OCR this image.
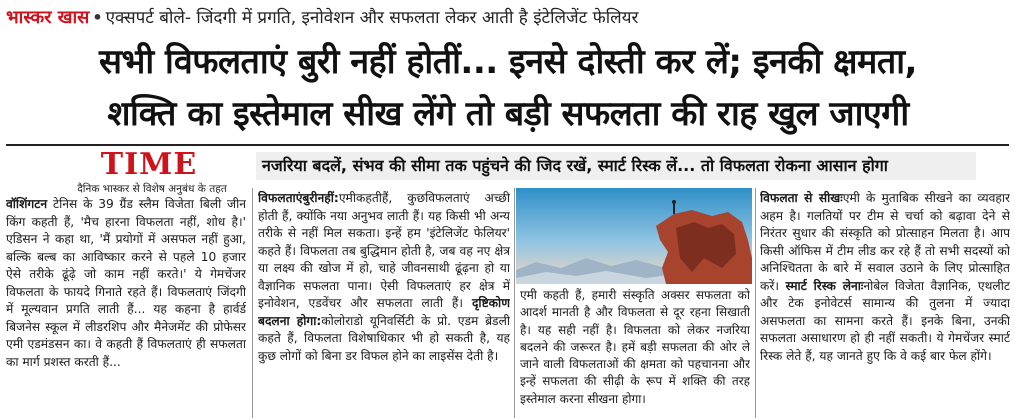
भास्कर खास • एक्सपर्ट बोले- जिंदगी में प्रगति, इनोवेशन और सफलता लेकर आती है इंटेलिजेंट फेलियर
सभी विफलताएं बुरी नहीं होतीं... इनसे दोस्ती कर लें; इनकी क्षमता,
शक्ति का इस्तेमाल सीख लेंगे तो बड़ी सफलता की राह खुल जाएगी
TIME
दैनिक भास्कर से विशेष अनुबंध के तहत
नजरिया बदलें, संभव की सीमा तक पहुंचने की जिद रखें, स्मार्ट रिस्क लें... तो विफलता रोकना आसान होगा
वॉशिंगटन टेनिस के 39 ग्रैंड स्लैम विजेता बिली जीन किंग कहती हैं, 'मैच हारना विफलता नहीं, शोध है।' एडिसन ने कहा था, 'मैं प्रयोगों में असफल नहीं हुआ, बल्कि बल्ब का आविष्कार करने से पहले 10 हजार ऐसे तरीके ढूंढ़े जो काम नहीं करते।' ये गेमचेंजर विफलता के फायदे गिनाते रहते हैं। विफलताएं जिंदगी में मूल्यवान प्रगति लाती हैं... यह कहना है हार्वर्ड बिजनेस स्कूल में लीडरशिप और मैनेजमेंट की प्रोफेसर एमी एडमंडसन का। वे कहती हैं विफलताएं ही सफलता का मार्ग प्रशस्त करती हैं...
विफलताएंबुरीनहीं:एमीकहतीहैं, कुछविफलताएं अच्छी होती हैं, क्योंकि नया अनुभव लाती हैं। यह किसी भी अन्य तरीके से नहीं मिल सकता। इन्हें हम 'इंटेलिजेंट फेलियर' कहते हैं। विफलता तब बुद्धिमान होती है, जब वह नए क्षेत्र या लक्ष्य की खोज में हो, चाहे जीवनसाथी ढूंढ़ना हो या वैज्ञानिक सफलता पाना। ऐसी विफलताएं हर क्षेत्र में इनोवेशन, एडवेंचर और सफलता लाती हैं। दृष्टिकोण बदलना होगा:कोलोराडो यूनिवर्सिटी के प्रो. एडम ब्रेडली कहते हैं, विफलता विशेषाधिकार भी हो सकती है, यह कुछ लोगों को बिना डर विफल होने का लाइसेंस देती है।
एमी कहती हैं, हमारी संस्कृति अक्सर सफलता को आदर्श मानती है और विफलता से दूर रहना सिखाती है। यह सही नहीं है। विफलता को लेकर नजरिया बदलने की जरूरत है। हमें बड़ी सफलता की ओर ले जाने वाली विफलताओं की क्षमता को पहचानना और इन्हें सफलता की सीढ़ी के रूप में शक्ति की तरह इस्तेमाल करना सीखना होगा।
विफलता से सीखःएमी के मुताबिक सीखने का व्यवहार अहम है। गलतियों पर टीम से चर्चा को बढ़ावा देने से निरंतर सुधार की संस्कृति को प्रोत्साहन मिलता है। आप किसी ऑफिस में टीम लीड कर रहे हैं तो सभी सदस्यों को अनिश्चितता के बारे में सवाल उठाने के लिए प्रोत्साहित करें। स्मार्ट रिस्क लेनाःनोबेल विजेता वैज्ञानिक, एथलीट और टेक इनोवेटर्स सामान्य की तुलना में ज्यादा असफलता का सामना करते हैं। इनके बिना, उनकी सफलता असाधारण हो ही नहीं सकती। ये गेमचेंजर स्मार्ट रिस्क लेते हैं, यह जानते हुए कि वे कई बार फेल होंगे।
